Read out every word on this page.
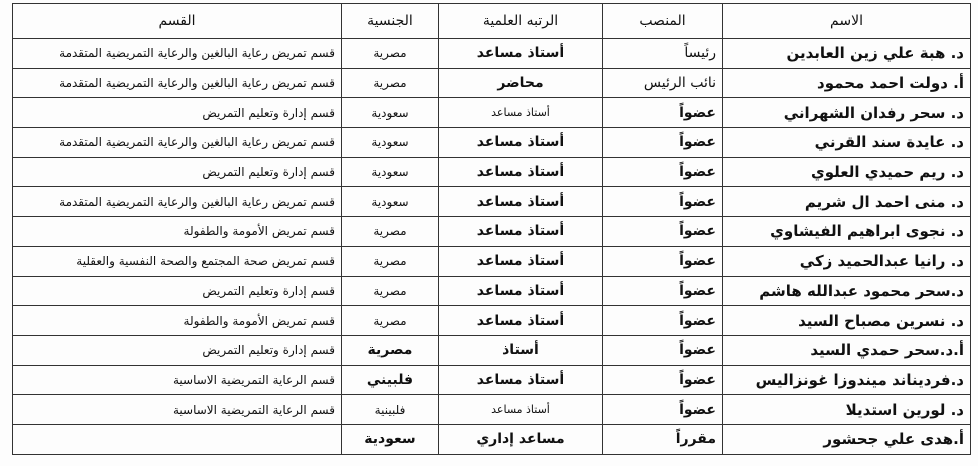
الاسم	المنصب	الرتبه العلمية	الجنسية	القسم
د. هبة علي زين العابدين	رئيساً	أستاذ مساعد	مصرية	قسم تمريض رعاية البالغين والرعاية التمريضية المتقدمة
أ. دولت احمد محمود	نائب الرئيس	محاضر	مصرية	قسم تمريض رعاية البالغين والرعاية التمريضية المتقدمة
د. سحر رفدان الشهراني	عضواً	أستاذ مساعد	سعودية	قسم إدارة وتعليم التمريض
د. عايدة سند القرني	عضواً	أستاذ مساعد	سعودية	قسم تمريض رعاية البالغين والرعاية التمريضية المتقدمة
د. ريم حميدي العلوي	عضواً	أستاذ مساعد	سعودية	قسم إدارة وتعليم التمريض
د. منى احمد ال شريم	عضواً	أستاذ مساعد	سعودية	قسم تمريض رعاية البالغين والرعاية التمريضية المتقدمة
د. نجوى ابراهيم الفيشاوي	عضواً	أستاذ مساعد	مصرية	قسم تمريض الأمومة والطفولة
د. رانيا عبدالحميد زكي	عضواً	أستاذ مساعد	مصرية	قسم تمريض صحة المجتمع والصحة النفسية والعقلية
د.سحر محمود عبدالله هاشم	عضواً	أستاذ مساعد	مصرية	قسم إدارة وتعليم التمريض
د. نسرين مصباح السيد	عضواً	أستاذ مساعد	مصرية	قسم تمريض الأمومة والطفولة
أ.د.سحر حمدي السيد	عضواً	أستاذ	مصرية	قسم إدارة وتعليم التمريض
د.فرديناند ميندوزا غونزاليس	عضواً	أستاذ مساعد	فلبيني	قسم الرعاية التمريضية الاساسية
د. لورين استديلا	عضواً	أستاذ مساعد	فلبينية	قسم الرعاية التمريضية الاساسية
أ.هدى علي جحشور	مقرراً	مساعد إداري	سعودية	
